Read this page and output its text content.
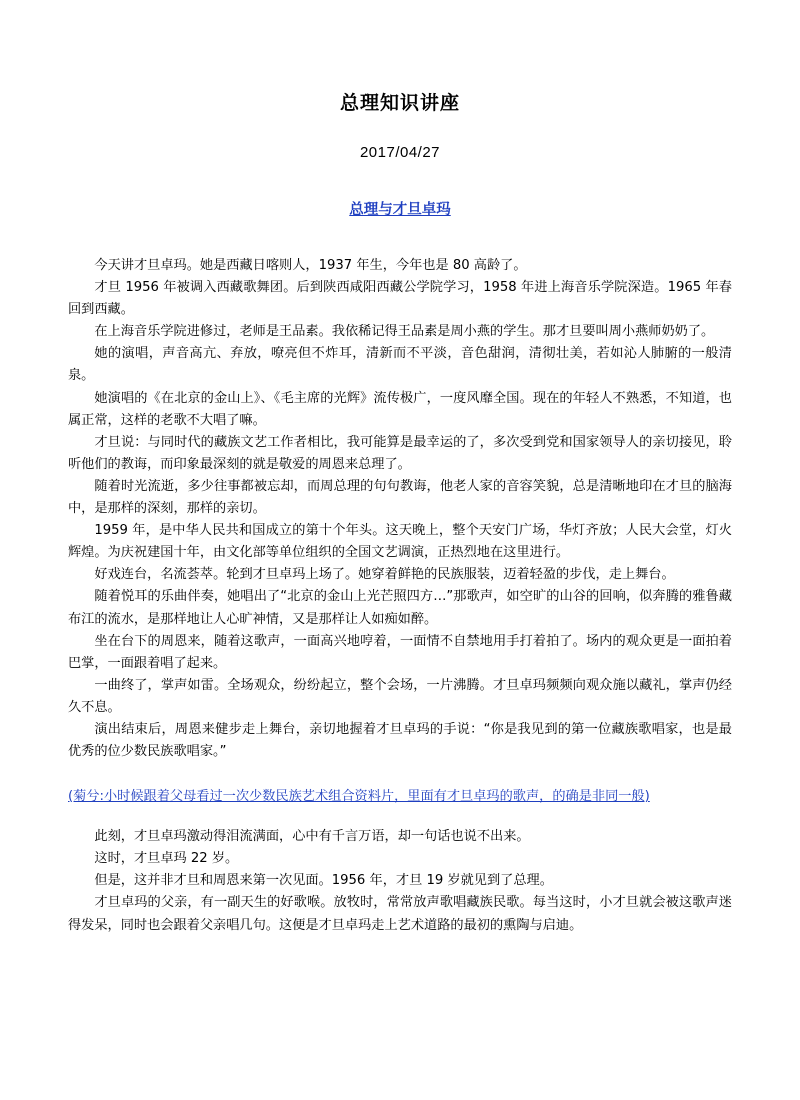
总理知识讲座
2017/04/27
总理与才旦卓玛

今天讲才旦卓玛。她是西藏日喀则人，1937 年生，今年也是 80 高龄了。

才旦 1956 年被调入西藏歌舞团。后到陕西咸阳西藏公学院学习，1958 年进上海音乐学院深造。1965 年春回到西藏。

在上海音乐学院进修过，老师是王品素。我依稀记得王品素是周小燕的学生。那才旦要叫周小燕师奶奶了。

她的演唱，声音高亢、弃放，嘹亮但不炸耳，清新而不平淡，音色甜润，清彻壮美，若如沁人肺腑的一般清泉。

她演唱的《在北京的金山上》、《毛主席的光辉》流传极广，一度风靡全国。现在的年轻人不熟悉，不知道，也属正常，这样的老歌不大唱了嘛。

才旦说：与同时代的藏族文艺工作者相比，我可能算是最幸运的了，多次受到党和国家领导人的亲切接见，聆听他们的教诲，而印象最深刻的就是敬爱的周恩来总理了。

随着时光流逝，多少往事都被忘却，而周总理的句句教诲，他老人家的音容笑貌，总是清晰地印在才旦的脑海中，是那样的深刻，那样的亲切。

1959 年，是中华人民共和国成立的第十个年头。这天晚上，整个天安门广场，华灯齐放；人民大会堂，灯火辉煌。为庆祝建国十年，由文化部等单位组织的全国文艺调演，正热烈地在这里进行。

好戏连台，名流荟萃。轮到才旦卓玛上场了。她穿着鲜艳的民族服装，迈着轻盈的步伐，走上舞台。

随着悦耳的乐曲伴奏，她唱出了“北京的金山上光芒照四方…”那歌声，如空旷的山谷的回响，似奔腾的雅鲁藏布江的流水，是那样地让人心旷神情，又是那样让人如痴如醉。

坐在台下的周恩来，随着这歌声，一面高兴地哼着，一面情不自禁地用手打着拍了。场内的观众更是一面拍着巴掌，一面跟着唱了起来。

一曲终了，掌声如雷。全场观众，纷纷起立，整个会场，一片沸腾。才旦卓玛频频向观众施以藏礼，掌声仍经久不息。

演出结束后，周恩来健步走上舞台，亲切地握着才旦卓玛的手说：“你是我见到的第一位藏族歌唱家，也是最优秀的位少数民族歌唱家。”

(菊兮:小时候跟着父母看过一次少数民族艺术组合资料片，里面有才旦卓玛的歌声，的确是非同一般)

此刻，才旦卓玛激动得泪流满面，心中有千言万语，却一句话也说不出来。

这时，才旦卓玛 22 岁。

但是，这并非才旦和周恩来第一次见面。1956 年，才旦 19 岁就见到了总理。

才旦卓玛的父亲，有一副天生的好歌喉。放牧时，常常放声歌唱藏族民歌。每当这时，小才旦就会被这歌声迷得发呆，同时也会跟着父亲唱几句。这便是才旦卓玛走上艺术道路的最初的熏陶与启迪。
